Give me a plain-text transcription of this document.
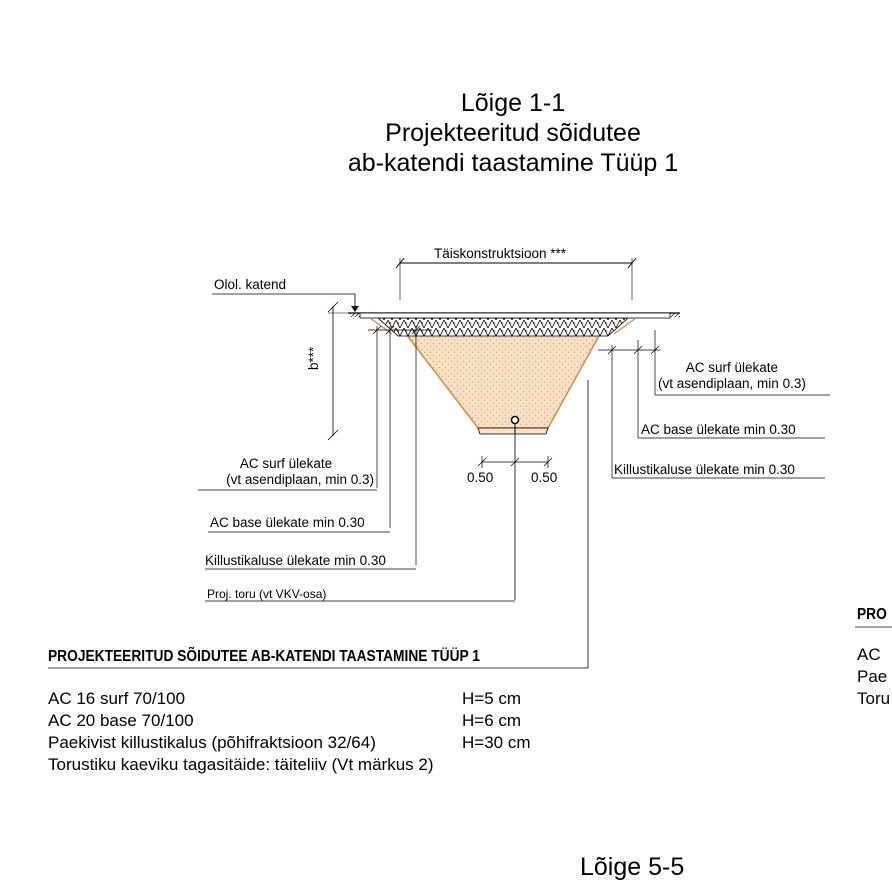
Lõige 1-1
Projekteeritud sõidutee
ab-katendi taastamine Tüüp 1
Täiskonstruktsioon ***
Olol. katend
b***
AC surf ülekate
(vt asendiplaan, min 0.3)
AC base ülekate min 0.30
Killustikaluse ülekate min 0.30
Proj. toru (vt VKV-osa)
0.50	0.50
AC surf ülekate
(vt asendiplaan, min 0.3)
AC base ülekate min 0.30
Killustikaluse ülekate min 0.30
PROJEKTEERITUD SÕIDUTEE AB-KATENDI TAASTAMINE TÜÜP 1
AC 16 surf 70/100	H=5 cm
AC 20 base 70/100	H=6 cm
Paekivist killustikalus (põhifraktsioon 32/64)	H=30 cm
Torustiku kaeviku tagasitäide: täiteliiv (Vt märkus 2)
PRO
AC
Pae
Toru
Lõige 5-5
